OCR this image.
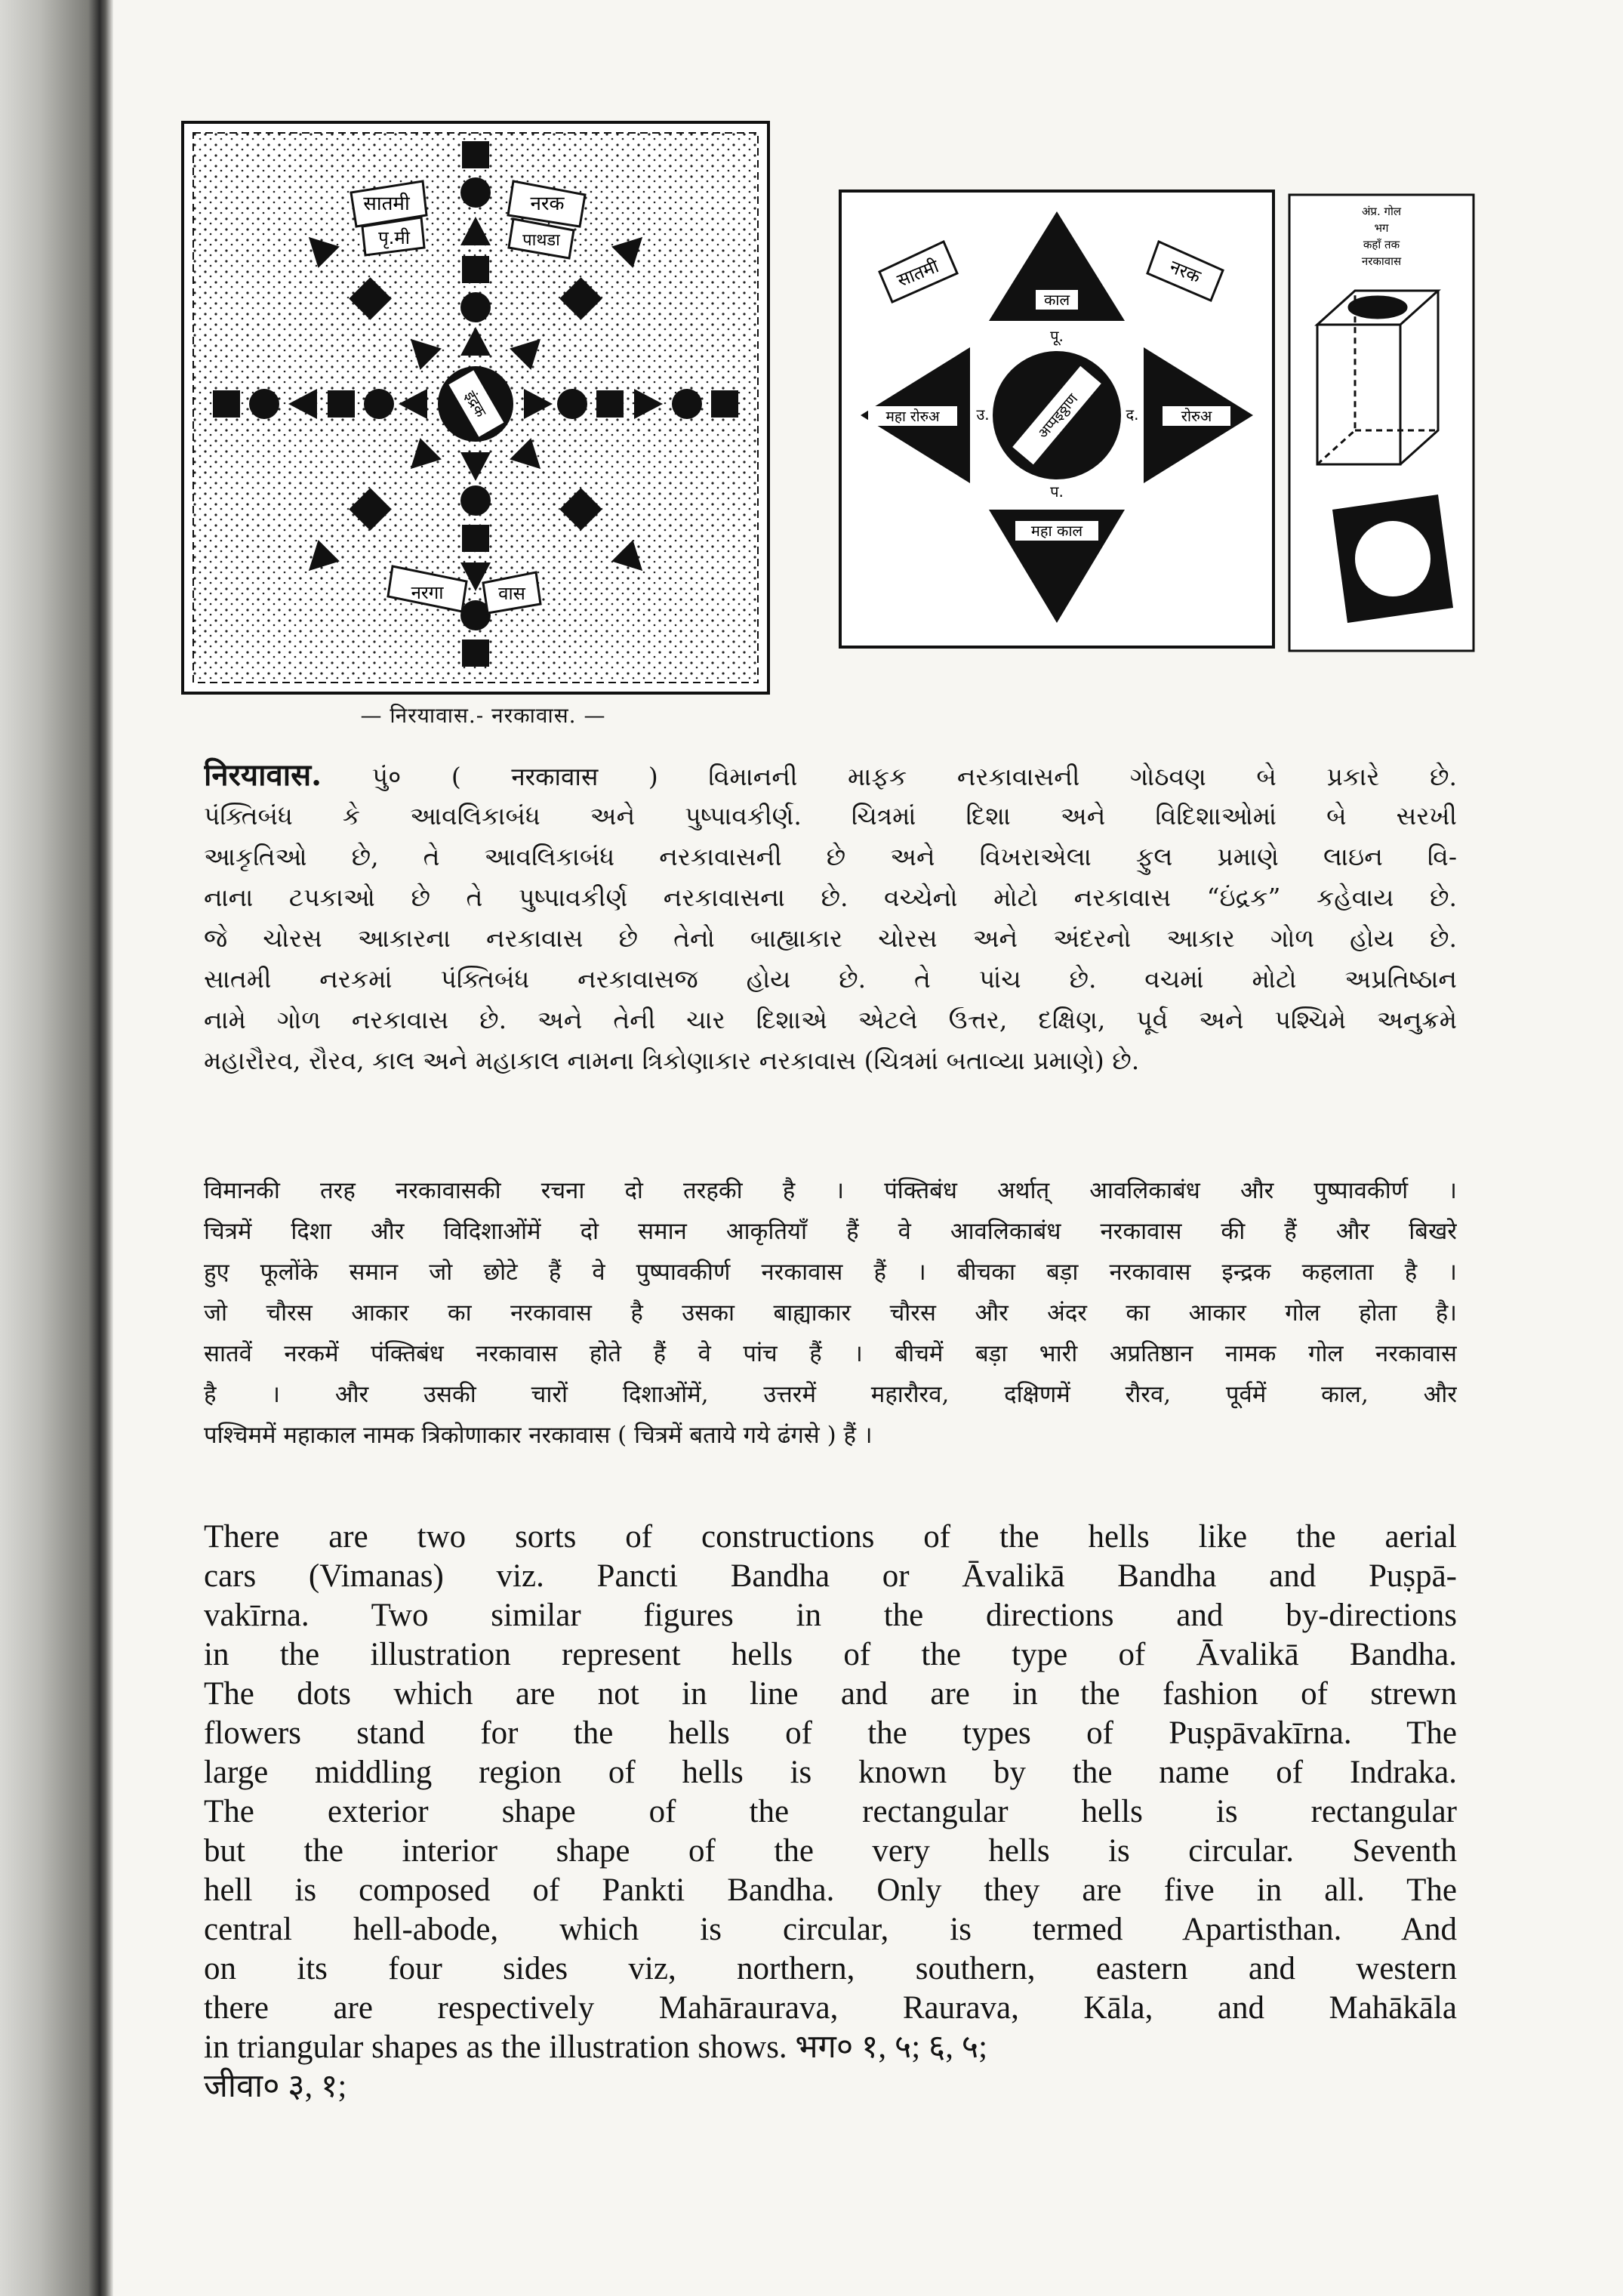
सातमी
पृ.मी
नरक
पाथडा
इंद्रक
नरगा	वास
काल
महा रोरुअ	रोरुअ
महा काल
अप्पइठ्ठाण
पू.
उ.	द.
प.
सातमी	नरक
अंप्र. गोल
भग
कहाँ तक
नरकावास
— निरयावास.- नरकावास. —
निरयावास. પું० ( नरकावास ) વિમાનની માફક નરકાવાસની ગોઠવણ બે પ્રકારે છે.
પંક્તિબંધ કે આવલિકાબંધ અને પુષ્પાવકીર્ણ. ચિત્રમાં દિશા અને વિદિશાઓમાં બે સરખી
આકૃતિઓ છે, તે આવલિકાબંધ નરકાવાસની છે અને વિખરાએલા ફુલ પ્રમાણે લાઇન વિ-
નાના ટપકાઓ છે તે પુષ્પાવકીર્ણ નરકાવાસના છે. વચ્ચેનો મોટો નરકાવાસ “ઇંદ્રક” કહેવાય છે.
જે ચોરસ આકારના નરકાવાસ છે તેનો બાહ્યાકાર ચોરસ અને અંદરનો આકાર ગોળ હોય છે.
સાતમી નરકમાં પંક્તિબંધ નરકાવાસજ હોય છે. તે પાંચ છે. વચમાં મોટો અપ્રતિષ્ઠાન
નામે ગોળ નરકાવાસ છે. અને તેની ચાર દિશાએ એટલે ઉત્તર, દક્ષિણ, પૂર્વ અને પશ્ચિમે અનુક્રમે
મહારૌરવ, રૌરવ, કાલ અને મહાકાલ નામના ત્રિકોણાકાર નરકાવાસ (ચિત્રમાં બતાવ્યા પ્રમાણે) છે.
विमानकी तरह नरकावासकी रचना दो तरहकी है । पंक्तिबंध अर्थात् आवलिकाबंध और पुष्पावकीर्ण ।
चित्रमें दिशा और विदिशाओंमें दो समान आकृतियाँ हैं वे आवलिकाबंध नरकावास की हैं और बिखरे
हुए फूलोंके समान जो छोटे हैं वे पुष्पावकीर्ण नरकावास हैं । बीचका बड़ा नरकावास इन्द्रक कहलाता है ।
जो चौरस आकार का नरकावास है उसका बाह्याकार चौरस और अंदर का आकार गोल होता है।
सातवें नरकमें पंक्तिबंध नरकावास होते हैं वे पांच हैं । बीचमें बड़ा भारी अप्रतिष्ठान नामक गोल नरकावास
है । और उसकी चारों दिशाओंमें, उत्तरमें महारौरव, दक्षिणमें रौरव, पूर्वमें काल, और
पश्चिममें महाकाल नामक त्रिकोणाकार नरकावास ( चित्रमें बताये गये ढंगसे ) हैं ।
There are two sorts of constructions of the hells like the aerial
cars (Vimanas) viz. Pancti Bandha or Āvalikā Bandha and Puṣpā-
vakīrna. Two similar figures in the directions and by-directions
in the illustration represent hells of the type of Āvalikā Bandha.
The dots which are not in line and are in the fashion of strewn
flowers stand for the hells of the types of Puṣpāvakīrna. The
large middling region of hells is known by the name of Indraka.
The exterior shape of the rectangular hells is rectangular
but the interior shape of the very hells is circular. Seventh
hell is composed of Pankti Bandha. Only they are five in all. The
central hell-abode, which is circular, is termed Apartisthan. And
on its four sides viz, northern, southern, eastern and western
there are respectively Mahāraurava, Raurava, Kāla, and Mahākāla
in triangular shapes as the illustration shows. भग० १, ५; ६, ५;
जीवा० ३, १;
